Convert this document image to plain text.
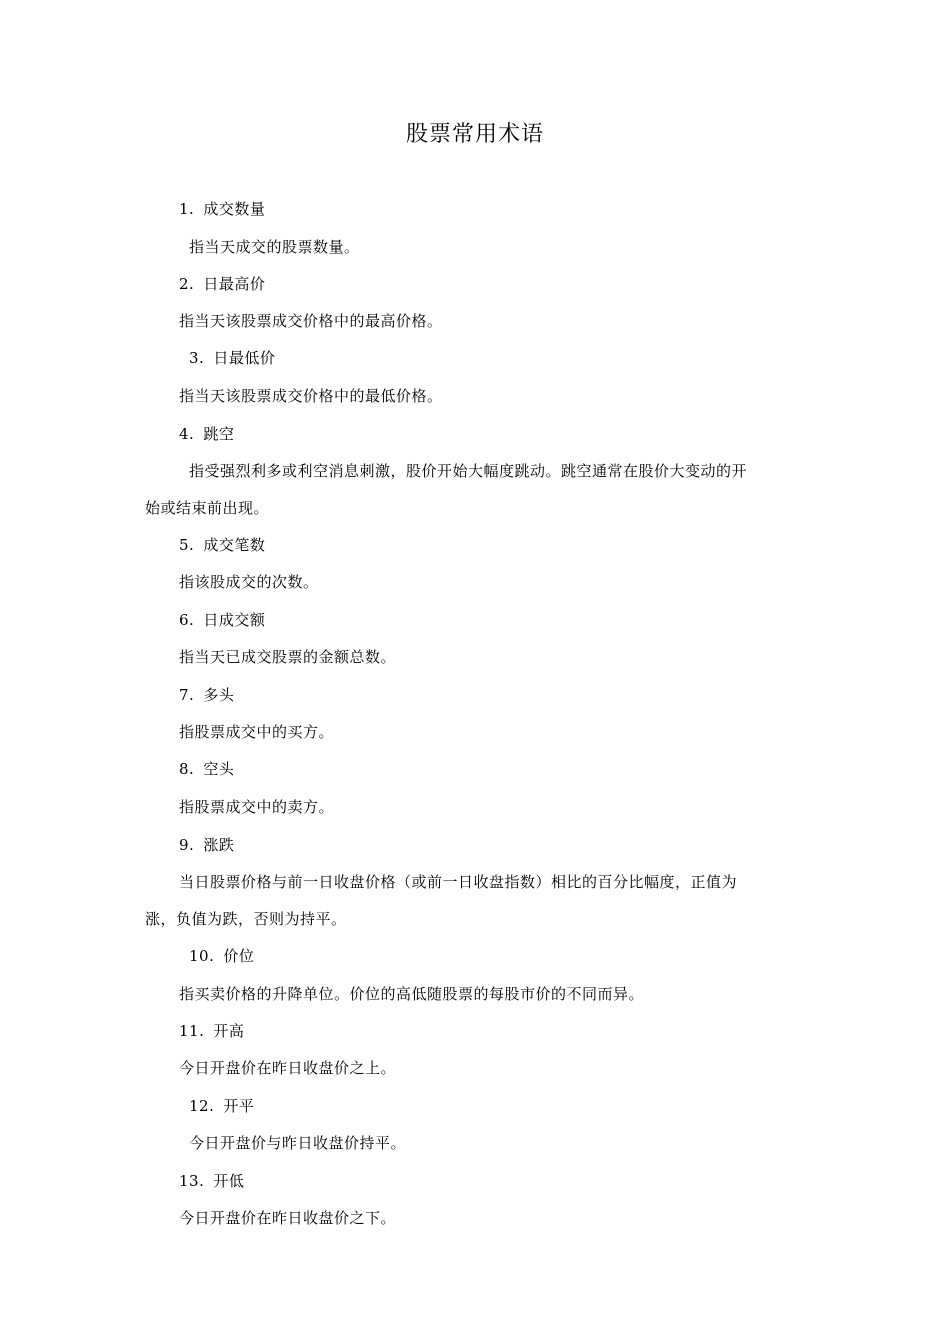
股票常用术语
1. 成交数量
指当天成交的股票数量。
2. 日最高价
指当天该股票成交价格中的最高价格。
3. 日最低价
指当天该股票成交价格中的最低价格。
4. 跳空
指受强烈利多或利空消息刺激，股价开始大幅度跳动。跳空通常在股价大变动的开
始或结束前出现。
5. 成交笔数
指该股成交的次数。
6. 日成交额
指当天已成交股票的金额总数。
7. 多头
指股票成交中的买方。
8. 空头
指股票成交中的卖方。
9. 涨跌
当日股票价格与前一日收盘价格（或前一日收盘指数）相比的百分比幅度，正值为
涨，负值为跌，否则为持平。
10. 价位
指买卖价格的升降单位。价位的高低随股票的每股市价的不同而异。
11. 开高
今日开盘价在昨日收盘价之上。
12. 开平
今日开盘价与昨日收盘价持平。
13. 开低
今日开盘价在昨日收盘价之下。
